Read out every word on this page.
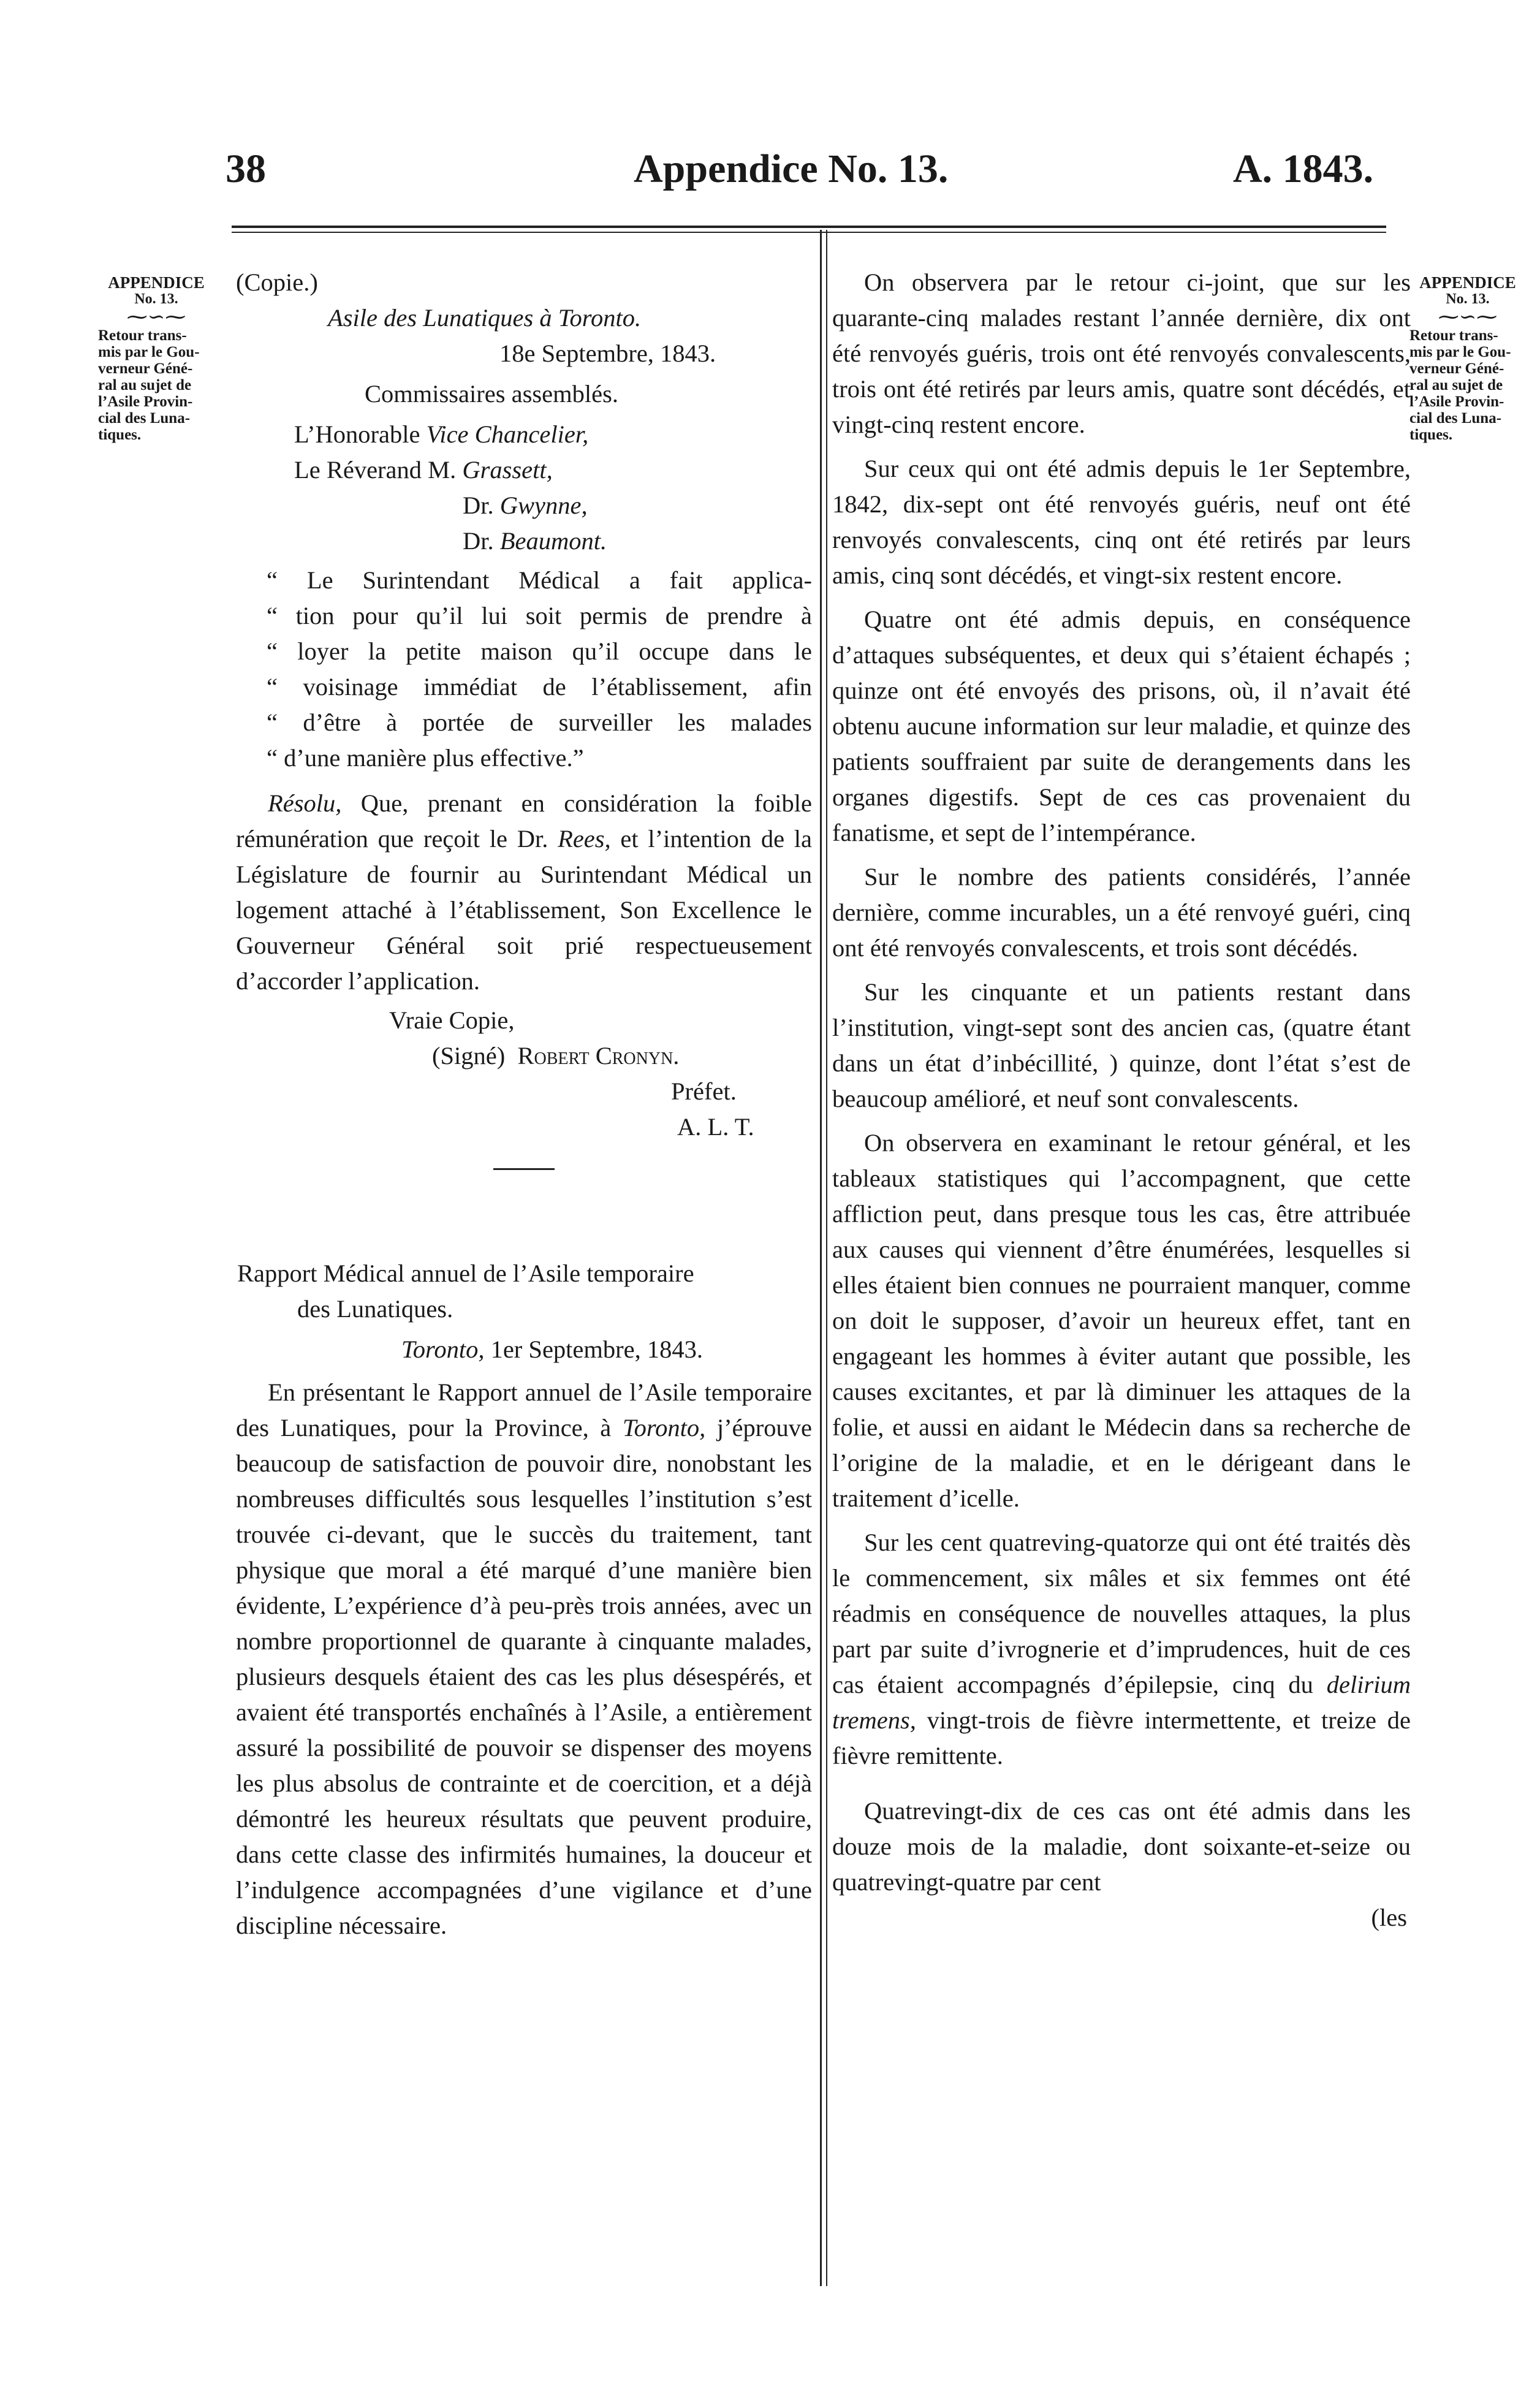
38	Appendice No. 13.	A. 1843.
APPENDICE
No. 13.
⁓∽⁓
Retour trans-
mis par le Gou-
verneur Géné-
ral au sujet de
l’Asile Provin-
cial des Luna-
tiques.
APPENDICE
No. 13.
⁓∽⁓
Retour trans-
mis par le Gou-
verneur Géné-
ral au sujet de
l’Asile Provin-
cial des Luna-
tiques.

(Copie.)

Asile des Lunatiques à Toronto.

18e Septembre, 1843.

Commissaires assemblés.

L’Honorable Vice Chancelier,

Le Réverand M. Grassett,

Dr. Gwynne,

Dr. Beaumont.

“ Le Surintendant Médical a fait applica-

“ tion pour qu’il lui soit permis de prendre à

“ loyer la petite maison qu’il occupe dans le

“ voisinage immédiat de l’établissement, afin

“ d’être à portée de surveiller les malades

“ d’une manière plus effective.”

Résolu, Que, prenant en considération la foible rémunération que reçoit le Dr. Rees, et l’intention de la Législature de fournir au Surintendant Médical un logement attaché à l’établissement, Son Excellence le Gouverneur Général soit prié respectueusement d’accorder l’application.

Vraie Copie,

(Signé) Robert Cronyn.

Préfet.

A. L. T.

Rapport Médical annuel de l’Asile temporaire

des Lunatiques.

Toronto, 1er Septembre, 1843.

En présentant le Rapport annuel de l’Asile temporaire des Lunatiques, pour la Province, à Toronto, j’éprouve beaucoup de satisfaction de pouvoir dire, nonobstant les nombreuses difficultés sous lesquelles l’institution s’est trouvée ci-devant, que le succès du traitement, tant physique que moral a été marqué d’une manière bien évidente, L’expérience d’à peu-près trois années, avec un nombre proportionnel de quarante à cinquante malades, plusieurs desquels étaient des cas les plus désespérés, et avaient été transportés enchaînés à l’Asile, a entièrement assuré la possibilité de pouvoir se dispenser des moyens les plus absolus de contrainte et de coercition, et a déjà démontré les heureux résultats que peuvent produire, dans cette classe des infirmités humaines, la douceur et l’indulgence accompagnées d’une vigilance et d’une discipline nécessaire.

On observera par le retour ci-joint, que sur les quarante-cinq malades restant l’année dernière, dix ont été renvoyés guéris, trois ont été renvoyés convalescents, trois ont été retirés par leurs amis, quatre sont décédés, et vingt-cinq restent encore.

Sur ceux qui ont été admis depuis le 1er Septembre, 1842, dix-sept ont été renvoyés guéris, neuf ont été renvoyés convalescents, cinq ont été retirés par leurs amis, cinq sont décédés, et vingt-six restent encore.

Quatre ont été admis depuis, en conséquence d’attaques subséquentes, et deux qui s’étaient échapés ; quinze ont été envoyés des prisons, où, il n’avait été obtenu aucune information sur leur maladie, et quinze des patients souffraient par suite de derangements dans les organes digestifs. Sept de ces cas provenaient du fanatisme, et sept de l’intempérance.

Sur le nombre des patients considérés, l’année dernière, comme incurables, un a été renvoyé guéri, cinq ont été renvoyés convalescents, et trois sont décédés.

Sur les cinquante et un patients restant dans l’institution, vingt-sept sont des ancien cas, (quatre étant dans un état d’inbécillité, ) quinze, dont l’état s’est de beaucoup amélioré, et neuf sont convalescents.

On observera en examinant le retour général, et les tableaux statistiques qui l’accompagnent, que cette affliction peut, dans presque tous les cas, être attribuée aux causes qui viennent d’être énumérées, lesquelles si elles étaient bien connues ne pourraient manquer, comme on doit le supposer, d’avoir un heureux effet, tant en engageant les hommes à éviter autant que possible, les causes excitantes, et par là diminuer les attaques de la folie, et aussi en aidant le Médecin dans sa recherche de l’origine de la maladie, et en le dérigeant dans le traitement d’icelle.

Sur les cent quatreving-quatorze qui ont été traités dès le commencement, six mâles et six femmes ont été réadmis en conséquence de nouvelles attaques, la plus part par suite d’ivrognerie et d’imprudences, huit de ces cas étaient accompagnés d’épilepsie, cinq du delirium tremens, vingt-trois de fièvre intermettente, et treize de fièvre remittente.

Quatrevingt-dix de ces cas ont été admis dans les douze mois de la maladie, dont soixante-et-seize ou quatrevingt-quatre par cent

(les
